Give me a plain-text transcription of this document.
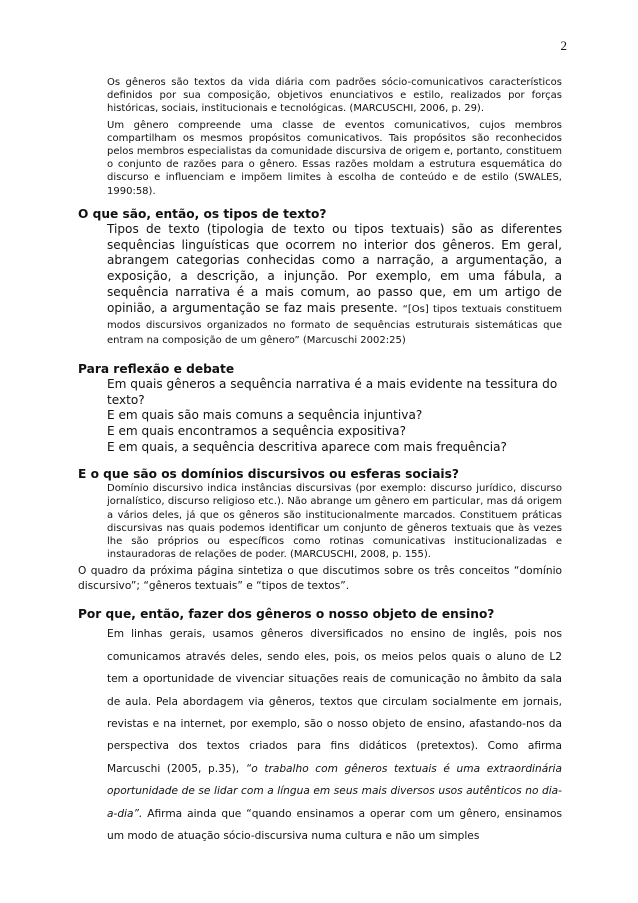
2
Os gêneros são textos da vida diária com padrões sócio-comunicativos característicos definidos por sua composição, objetivos enunciativos e estilo, realizados por forças históricas, sociais, institucionais e tecnológicas. (MARCUSCHI, 2006, p. 29).
Um gênero compreende uma classe de eventos comunicativos, cujos membros compartilham os mesmos propósitos comunicativos. Tais propósitos são reconhecidos pelos membros especialistas da comunidade discursiva de origem e, portanto, constituem o conjunto de razões para o gênero. Essas razões moldam a estrutura esquemática do discurso e influenciam e impõem limites à escolha de conteúdo e de estilo (SWALES, 1990:58).
O que são, então, os tipos de texto?
Tipos de texto (tipologia de texto ou tipos textuais) são as diferentes sequências linguísticas que ocorrem no interior dos gêneros. Em geral, abrangem categorias conhecidas como a narração, a argumentação, a exposição, a descrição, a injunção. Por exemplo, em uma fábula, a sequência narrativa é a mais comum, ao passo que, em um artigo de opinião, a argumentação se faz mais presente. “[Os] tipos textuais constituem modos discursivos organizados no formato de sequências estruturais sistemáticas que entram na composição de um gênero” (Marcuschi 2002:25)
Para reflexão e debate
Em quais gêneros a sequência narrativa é a mais evidente na tessitura do texto?
E em quais são mais comuns a sequência injuntiva?
E em quais encontramos a sequência expositiva?
E em quais, a sequência descritiva aparece com mais frequência?
E o que são os domínios discursivos ou esferas sociais?
Domínio discursivo indica instâncias discursivas (por exemplo: discurso jurídico, discurso jornalístico, discurso religioso etc.). Não abrange um gênero em particular, mas dá origem a vários deles, já que os gêneros são institucionalmente marcados. Constituem práticas discursivas nas quais podemos identificar um conjunto de gêneros textuais que às vezes lhe são próprios ou específicos como rotinas comunicativas institucionalizadas e instauradoras de relações de poder. (MARCUSCHI, 2008, p. 155).
O quadro da próxima página sintetiza o que discutimos sobre os três conceitos “domínio discursivo”; “gêneros textuais” e “tipos de textos”.
Por que, então, fazer dos gêneros o nosso objeto de ensino?
Em linhas gerais, usamos gêneros diversificados no ensino de inglês, pois nos comunicamos através deles, sendo eles, pois, os meios pelos quais o aluno de L2 tem a oportunidade de vivenciar situações reais de comunicação no âmbito da sala de aula. Pela abordagem via gêneros, textos que circulam socialmente em jornais, revistas e na internet, por exemplo, são o nosso objeto de ensino, afastando-nos da perspectiva dos textos criados para fins didáticos (pretextos). Como afirma Marcuschi (2005, p.35), “o trabalho com gêneros textuais é uma extraordinária oportunidade de se lidar com a língua em seus mais diversos usos autênticos no dia-a-dia”. Afirma ainda que “quando ensinamos a operar com um gênero, ensinamos um modo de atuação sócio-discursiva numa cultura e não um simples
